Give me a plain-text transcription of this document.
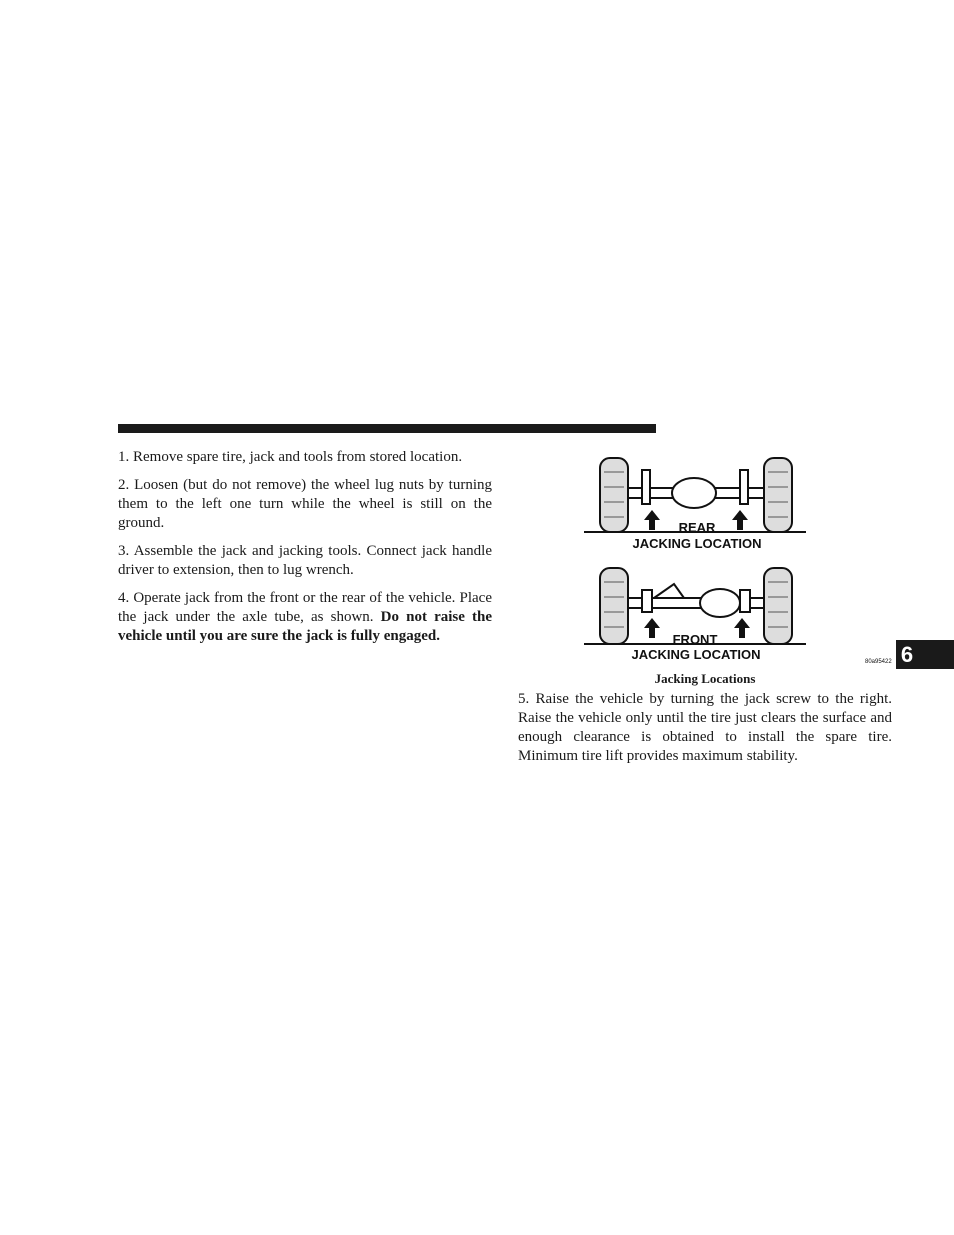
1. Remove spare tire, jack and tools from stored location.

2. Loosen (but do not remove) the wheel lug nuts by turning them to the left one turn while the wheel is still on the ground.

3. Assemble the jack and jacking tools. Connect jack handle driver to extension, then to lug wrench.

4. Operate jack from the front or the rear of the vehicle. Place the jack under the axle tube, as shown. Do not raise the vehicle until you are sure the jack is fully engaged.

REAR
JACKING LOCATION
FRONT
JACKING LOCATION	80a95422
Jacking Locations

5. Raise the vehicle by turning the jack screw to the right. Raise the vehicle only until the tire just clears the surface and enough clearance is obtained to install the spare tire. Minimum tire lift provides maximum stability.

6
